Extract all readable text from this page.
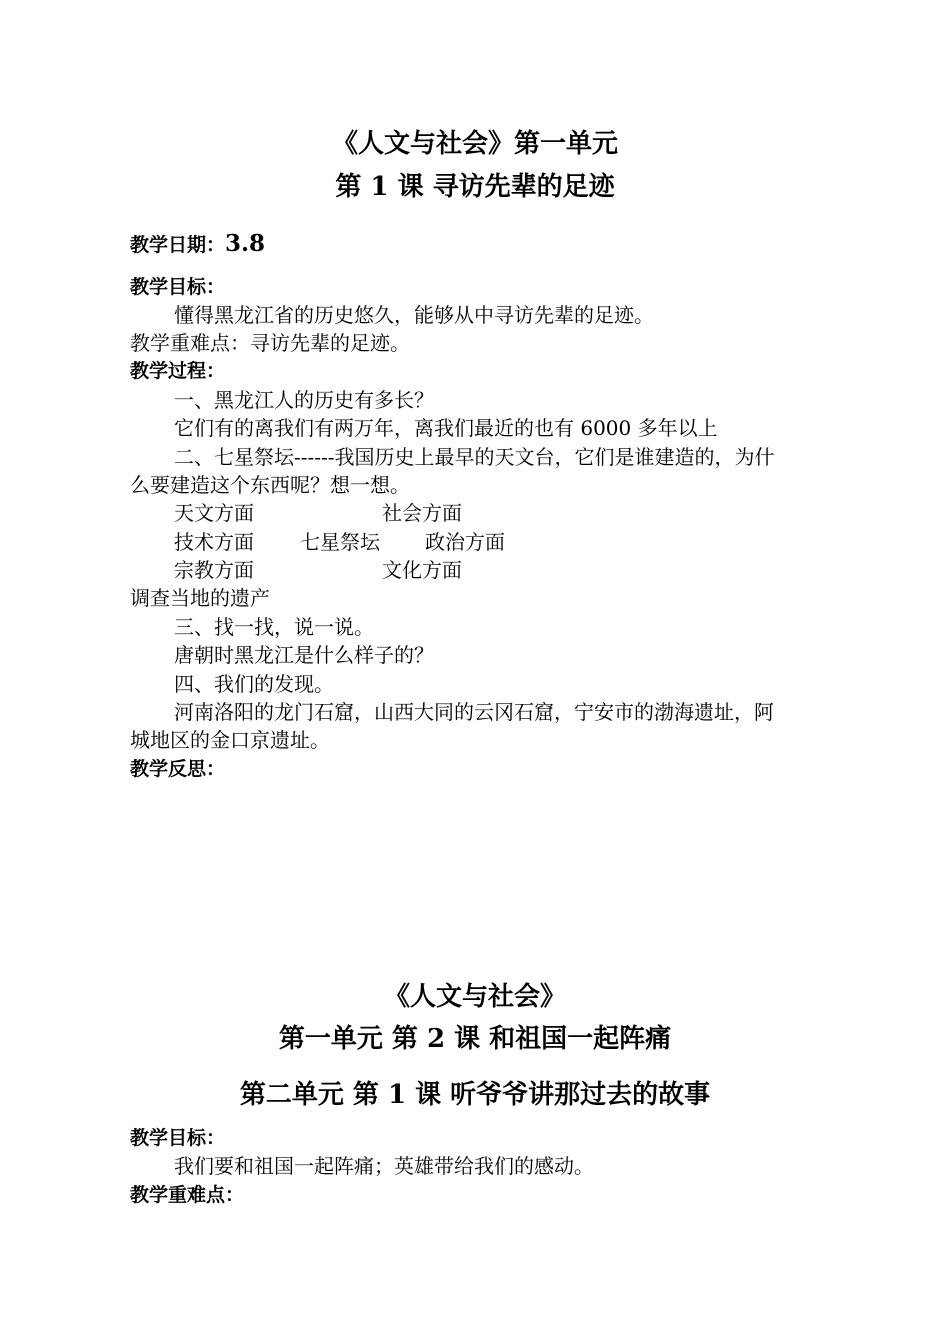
《人文与社会》第一单元
第 1 课 寻访先辈的足迹
教学日期：3.8
教学目标：
懂得黑龙江省的历史悠久，能够从中寻访先辈的足迹。
教学重难点：寻访先辈的足迹。
教学过程：
一、黑龙江人的历史有多长？
它们有的离我们有两万年，离我们最近的也有 6000 多年以上
二、七星祭坛------我国历史上最早的天文台，它们是谁建造的，为什
么要建造这个东西呢？想一想。
天文方面	社会方面
技术方面 七星祭坛 政治方面
宗教方面	文化方面
调查当地的遗产
三、找一找，说一说。
唐朝时黑龙江是什么样子的？
四、我们的发现。
河南洛阳的龙门石窟，山西大同的云冈石窟，宁安市的渤海遗址，阿
城地区的金口京遗址。
教学反思：
《人文与社会》
第一单元 第 2 课 和祖国一起阵痛
第二单元 第 1 课 听爷爷讲那过去的故事
教学目标：
我们要和祖国一起阵痛；英雄带给我们的感动。
教学重难点：
